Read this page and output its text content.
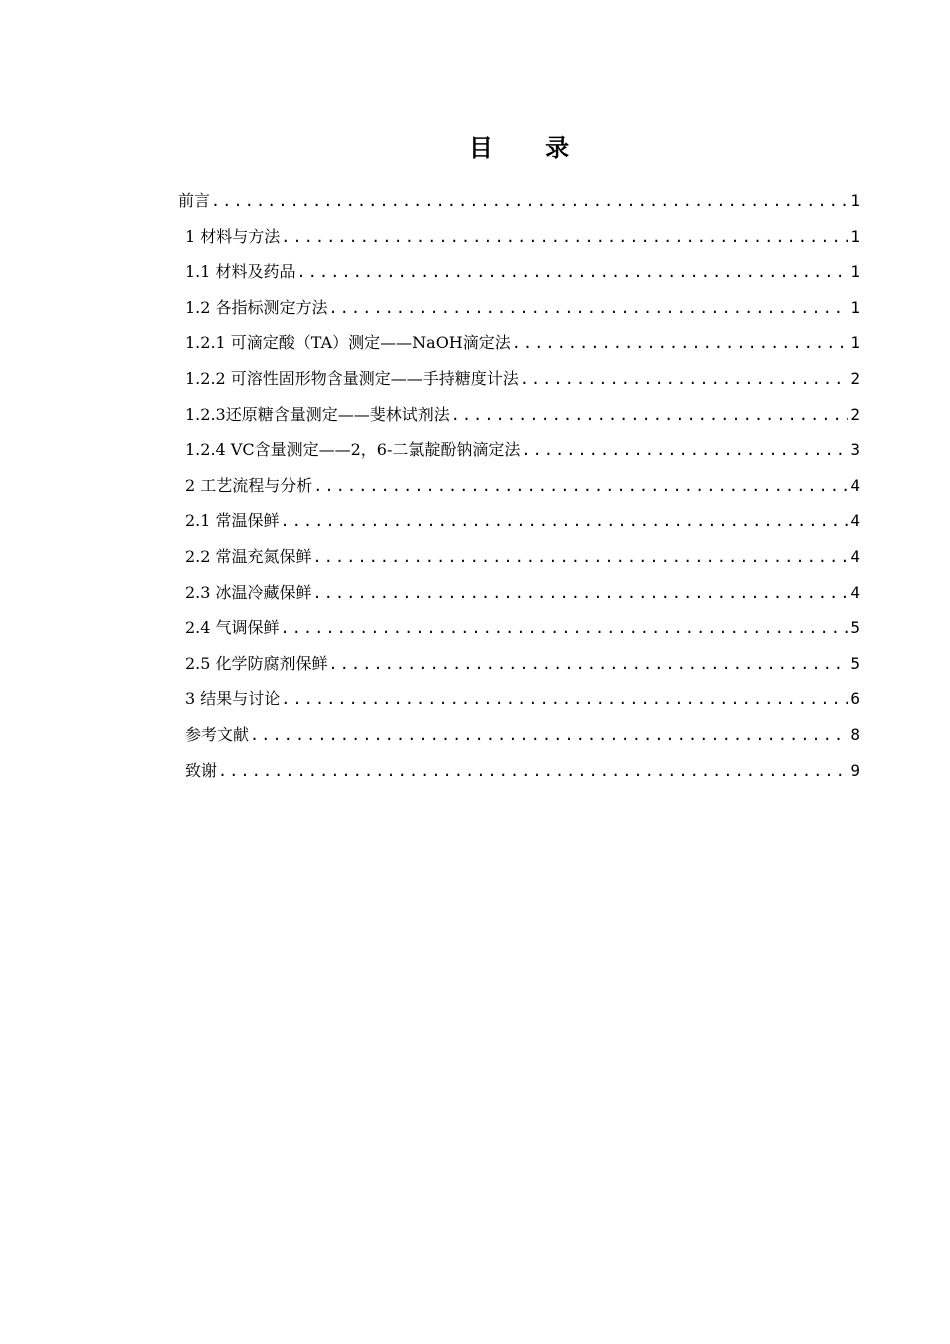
目 录
前言 .....	1
1 材料与方法 .....	1
1.1 材料及药品 .....	1
1.2 各指标测定方法 .....	1
1.2.1 可滴定酸（TA）测定——NaOH滴定法 .....	1
1.2.2 可溶性固形物含量测定——手持糖度计法 .....	2
1.2.3还原糖含量测定——斐林试剂法 .....	2
1.2.4 VC含量测定——2，6-二氯靛酚钠滴定法 .....	3
2 工艺流程与分析 .....	4
2.1 常温保鲜 .....	4
2.2 常温充氮保鲜 .....	4
2.3 冰温冷藏保鲜 .....	4
2.4 气调保鲜 .....	5
2.5 化学防腐剂保鲜 .....	5
3 结果与讨论 .....	6
参考文献 .....	8
致谢 .....	9
